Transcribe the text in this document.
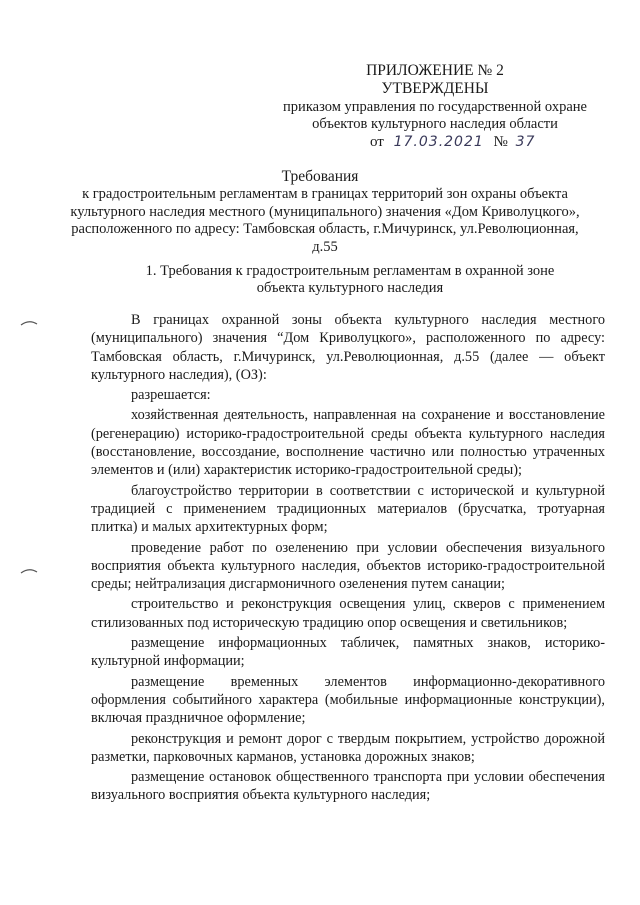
ПРИЛОЖЕНИЕ № 2
УТВЕРЖДЕНЫ
приказом управления по государственной охране
объектов культурного наследия области
от 17.03.2021 № 37
Требования
к градостроительным регламентам в границах территорий зон охраны объекта культурного наследия местного (муниципального) значения «Дом Криволуцкого», расположенного по адресу: Тамбовская область, г.Мичуринск, ул.Революционная, д.55
1. Требования к градостроительным регламентам в охранной зоне объекта культурного наследия

В границах охранной зоны объекта культурного наследия местного (муниципального) значения “Дом Криволуцкого», расположенного по адресу: Тамбовская область, г.Мичуринск, ул.Революционная, д.55 (далее — объект культурного наследия), (ОЗ):

разрешается:

хозяйственная деятельность, направленная на сохранение и восстановление (регенерацию) историко-градостроительной среды объекта культурного наследия (восстановление, воссоздание, восполнение частично или полностью утраченных элементов и (или) характеристик историко-градостроительной среды);

благоустройство территории в соответствии с исторической и культурной традицией с применением традиционных материалов (брусчатка, тротуарная плитка) и малых архитектурных форм;

проведение работ по озеленению при условии обеспечения визуального восприятия объекта культурного наследия, объектов историко-градостроительной среды; нейтрализация дисгармоничного озеленения путем санации;

строительство и реконструкция освещения улиц, скверов с применением стилизованных под историческую традицию опор освещения и светильников;

размещение информационных табличек, памятных знаков, историко-культурной информации;

размещение временных элементов информационно-декоративного оформления событийного характера (мобильные информационные конструкции), включая праздничное оформление;

реконструкция и ремонт дорог с твердым покрытием, устройство дорожной разметки, парковочных карманов, установка дорожных знаков;

размещение остановок общественного транспорта при условии обеспечения визуального восприятия объекта культурного наследия;
